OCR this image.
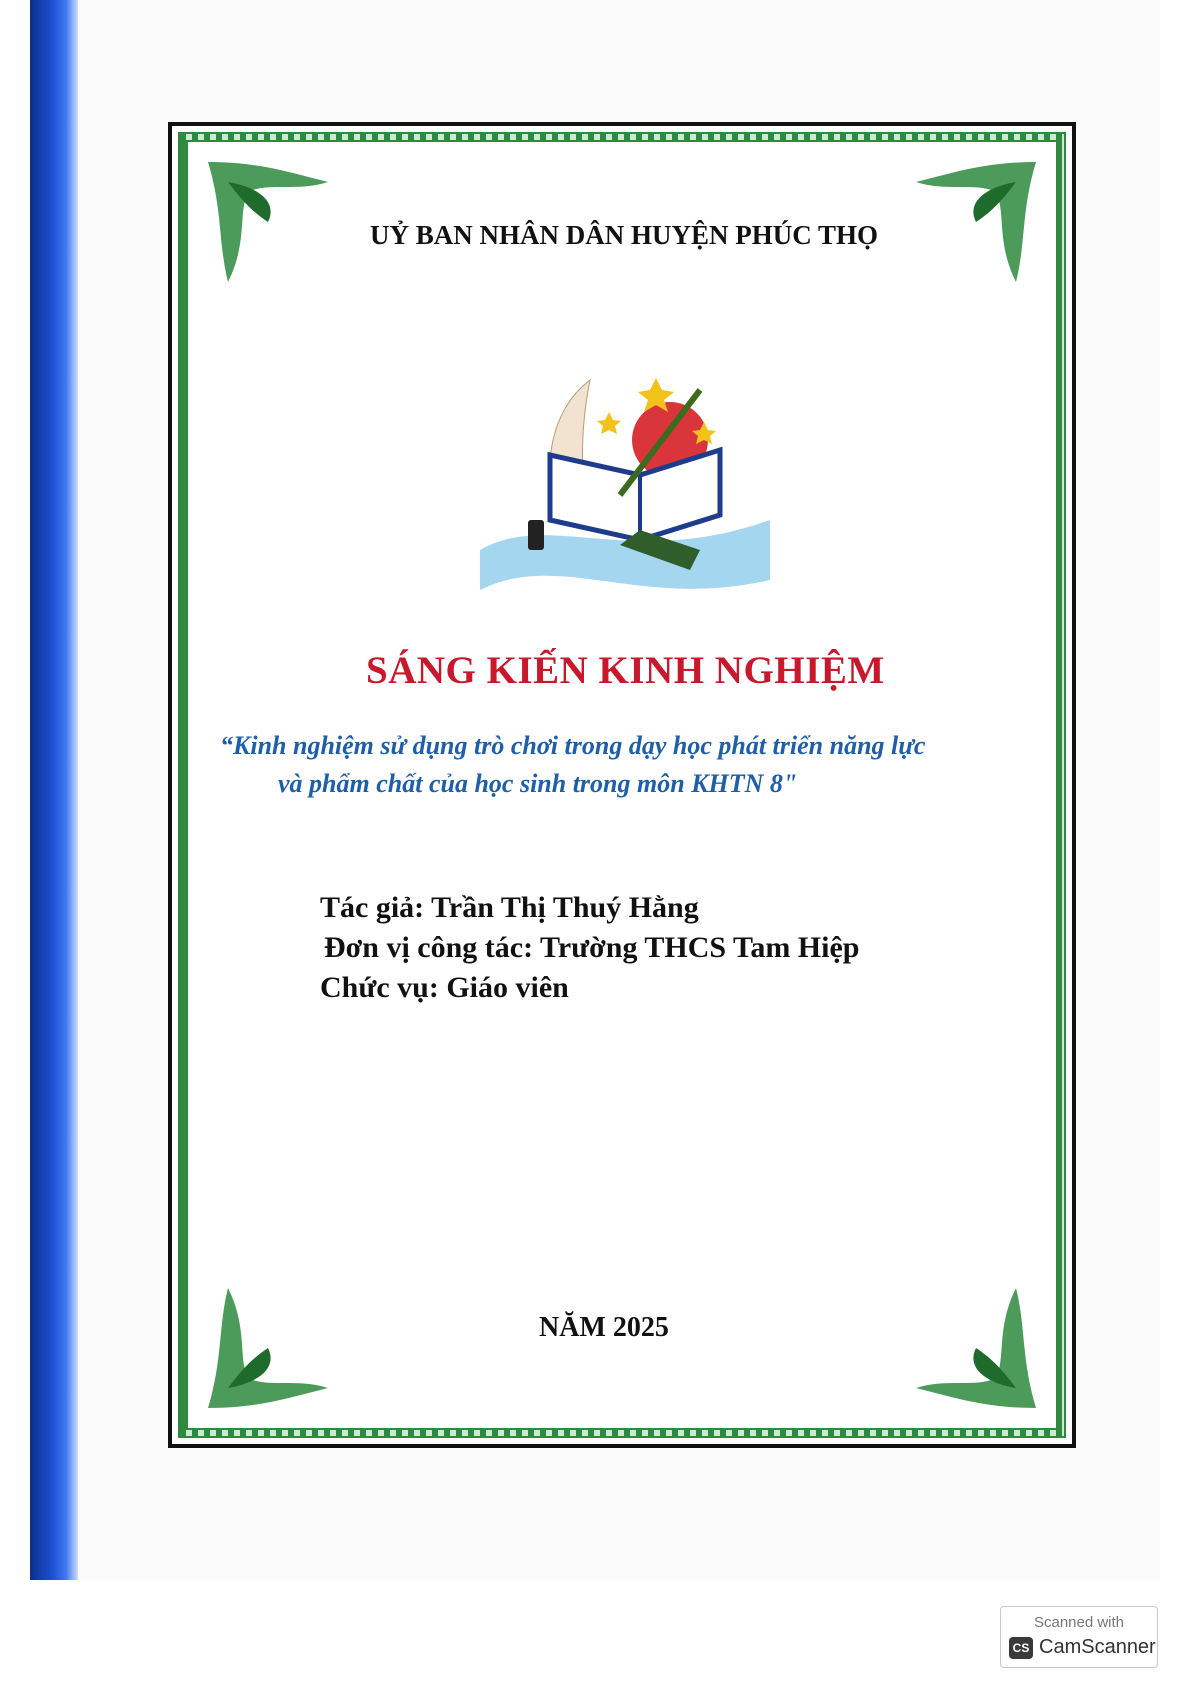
UỶ BAN NHÂN DÂN HUYỆN PHÚC THỌ
SÁNG KIẾN KINH NGHIỆM
“Kinh nghiệm sử dụng trò chơi trong dạy học phát triển năng lực
và phẩm chất của học sinh trong môn KHTN 8"
Tác giả: Trần Thị Thuý Hằng
Đơn vị công tác: Trường THCS Tam Hiệp
Chức vụ: Giáo viên
NĂM 2025
Scanned with
CS CamScanner
